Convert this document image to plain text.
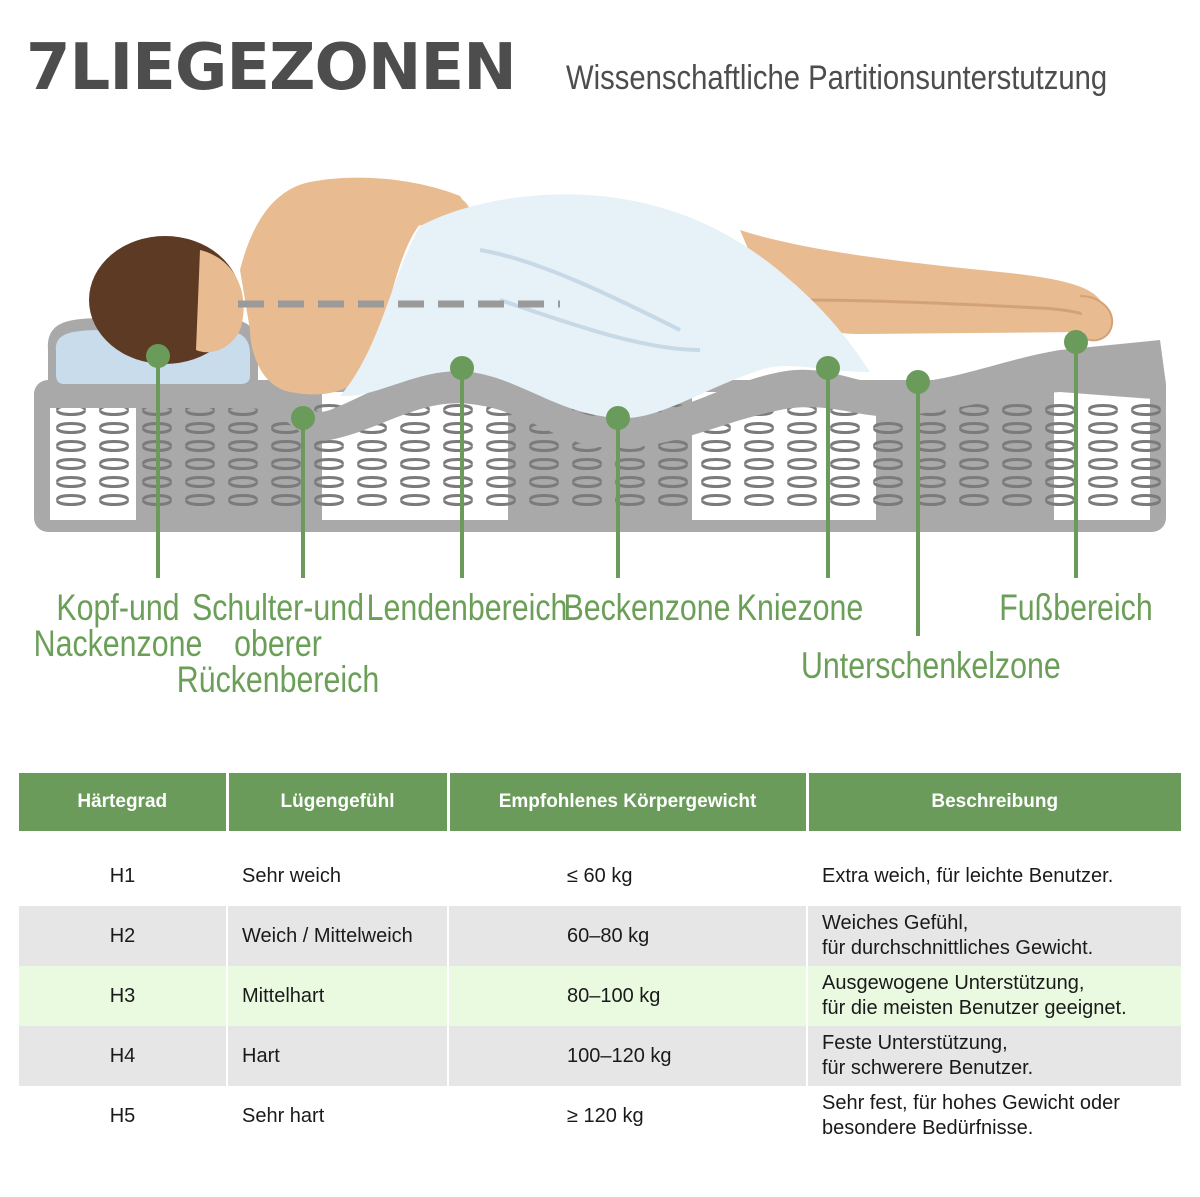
7LIEGEZONEN Wissenschaftliche Partitionsunterstutzung
Kopf-und
Nackenzone
Schulter-und
oberer
Rückenbereich
Lendenbereich
Beckenzone Kniezone
Unterschenkelzone
Fußbereich
Härtegrad	Lügengefühl	Empfohlenes Körpergewicht	Beschreibung

H1	Sehr weich	≤ 60 kg	Extra weich, für leichte Benutzer.
H2	Weich / Mittelweich	60–80 kg	Weiches Gefühl,
für durchschnittliches Gewicht.
H3	Mittelhart	80–100 kg	Ausgewogene Unterstützung,
für die meisten Benutzer geeignet.
H4	Hart	100–120 kg	Feste Unterstützung,
für schwerere Benutzer.
H5	Sehr hart	≥ 120 kg	Sehr fest, für hohes Gewicht oder
besondere Bedürfnisse.
